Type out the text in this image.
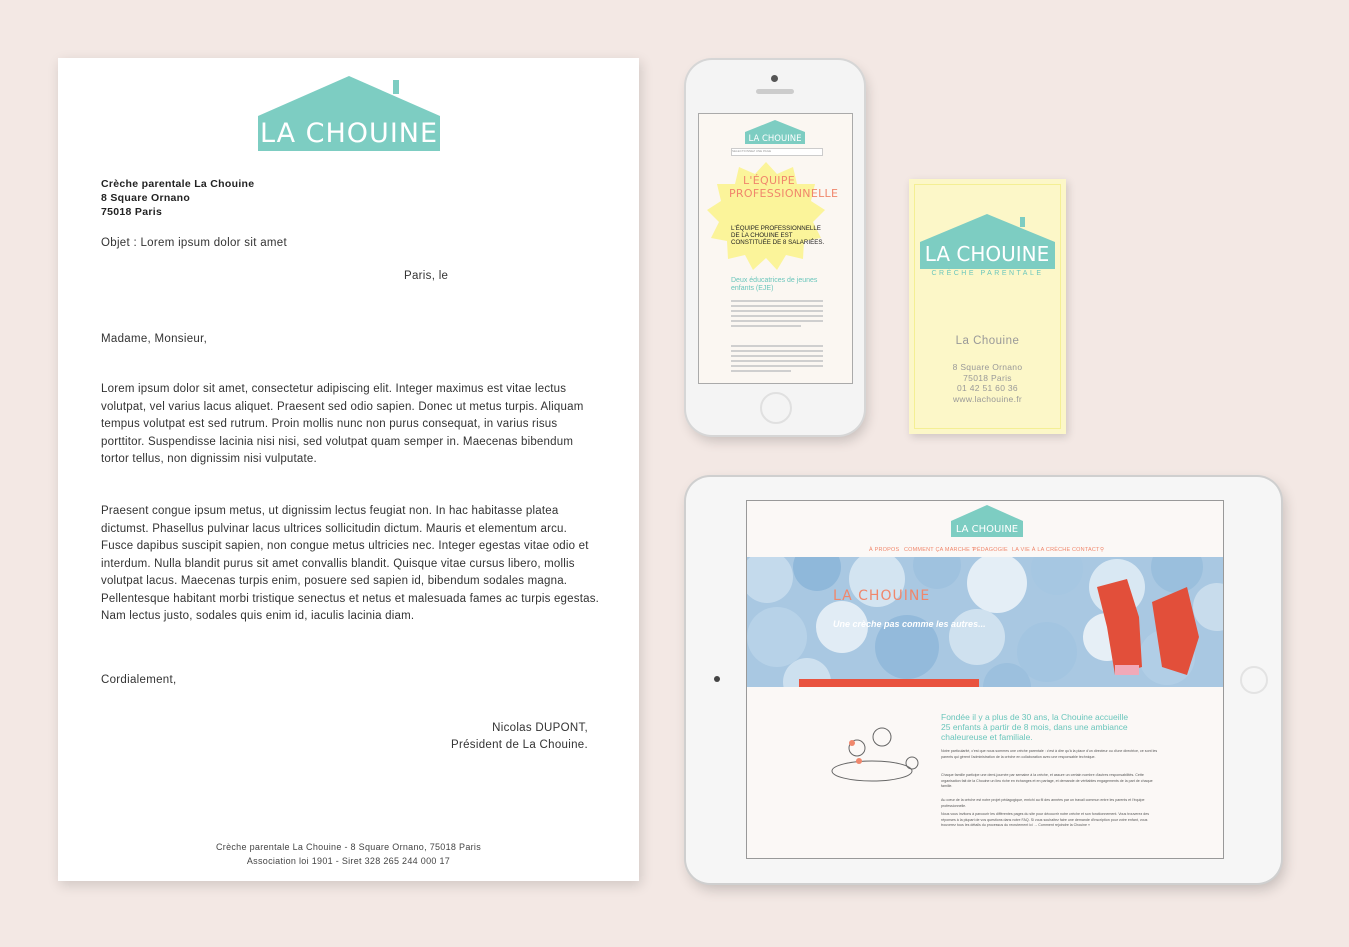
LA CHOUINE
Crèche parentale La Chouine
8 Square Ornano
75018 Paris
Objet : Lorem ipsum dolor sit amet
Paris, le
Madame, Monsieur,
Lorem ipsum dolor sit amet, consectetur adipiscing elit. Integer maximus est vitae lectus volutpat, vel varius lacus aliquet. Praesent sed odio sapien. Donec ut metus turpis. Aliquam tempus volutpat est sed rutrum. Proin mollis nunc non purus consequat, in varius risus porttitor. Suspendisse lacinia nisi nisi, sed volutpat quam semper in. Maecenas bibendum tortor tellus, non dignissim nisi vulputate.
Praesent congue ipsum metus, ut dignissim lectus feugiat non. In hac habitasse platea dictumst. Phasellus pulvinar lacus ultrices sollicitudin dictum. Mauris et elementum arcu. Fusce dapibus suscipit sapien, non congue metus ultricies nec. Integer egestas vitae odio et interdum. Nulla blandit purus sit amet convallis blandit. Quisque vitae cursus libero, mollis volutpat lacus. Maecenas turpis enim, posuere sed sapien id, bibendum sodales magna. Pellentesque habitant morbi tristique senectus et netus et malesuada fames ac turpis egestas. Nam lectus justo, sodales quis enim id, iaculis lacinia diam.
Cordialement,
Nicolas DUPONT,
Président de La Chouine.
Crèche parentale La Chouine - 8 Square Ornano, 75018 Paris
Association loi 1901 - Siret 328 265 244 000 17
LA CHOUINE
SELECTIONNEZ UNE PAGE
L'ÉQUIPE
PROFESSIONNELLE
L'ÉQUIPE PROFESSIONNELLE
DE LA CHOUINE EST
CONSTITUÉE DE 8 SALARIÉES.
Deux éducatrices de jeunes
enfants (EJE)
LA CHOUINE
CRÈCHE PARENTALE
La Chouine
8 Square Ornano
75018 Paris
01 42 51 60 36
www.lachouine.fr
LA CHOUINE
À PROPOS COMMENT ÇA MARCHE ?
PÉDAGOGIE LA VIE À LA CRÈCHE CONTACT ⚲
LA CHOUINE
Une crèche pas comme les autres...
Fondée il y a plus de 30 ans, la Chouine accueille
25 enfants à partir de 8 mois, dans une ambiance
chaleureuse et familiale.
Notre particularité, c'est que nous sommes une crèche parentale : c'est à dire qu'à la place d'un directeur ou d'une directrice, ce sont les parents qui gèrent l'administration de la crèche en collaboration avec une responsable technique.
Chaque famille participe une demi-journée par semaine à la crèche, et assure un certain nombre d'autres responsabilités. Cette organisation fait de la Chouine un lieu riche en échanges et en partage, et demande de véritables engagements de la part de chaque famille.
Au cœur de la crèche est notre projet pédagogique, enrichi au fil des années par un travail commun entre les parents et l'équipe professionnelle.
Nous vous invitons à parcourir les différentes pages du site pour découvrir notre crèche et son fonctionnement. Vous trouverez des réponses à la plupart de vos questions dans notre FAQ. Si vous souhaitez faire une demande d'inscription pour votre enfant, vous trouverez tous les détails du processus du recrutement ici → Comment rejoindre la Chouine »
